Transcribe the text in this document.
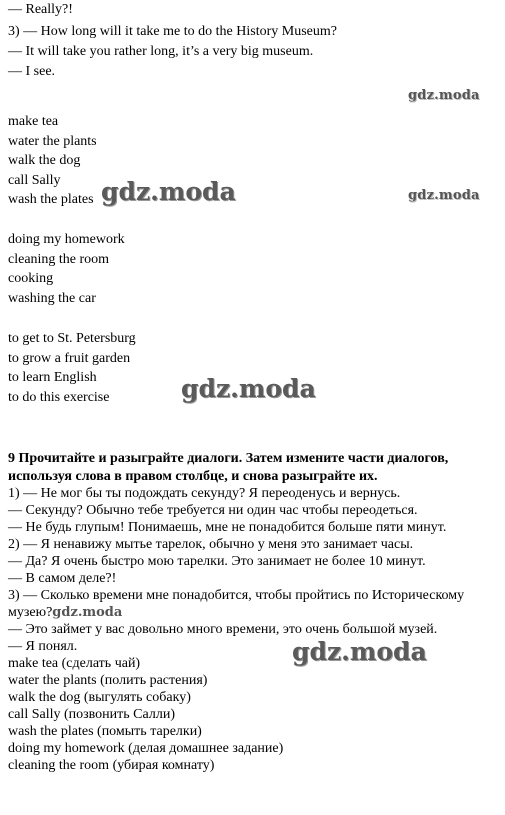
— Really?!
3) — How long will it take me to do the History Museum?
— It will take you rather long, it’s a very big museum.
— I see.
gdz.moda
make tea
water the plants
walk the dog
call Sally
wash the plates gdz.moda	gdz.moda
doing my homework
cleaning the room
cooking
washing the car
to get to St. Petersburg
to grow a fruit garden
to learn English
to do this exercise	gdz.moda
9 Прочитайте и разыграйте диалоги. Затем измените части диалогов,
используя слова в правом столбце, и снова разыграйте их.
1) — Не мог бы ты подождать секунду? Я переоденусь и вернусь.
— Секунду? Обычно тебе требуется ни один час чтобы переодеться.
— Не будь глупым! Понимаешь, мне не понадобится больше пяти минут.
2) — Я ненавижу мытье тарелок, обычно у меня это занимает часы.
— Да? Я очень быстро мою тарелки. Это занимает не более 10 минут.
— В самом деле?!
3) — Сколько времени мне понадобится, чтобы пройтись по Историческому
музею?gdz.moda
— Это займет у вас довольно много времени, это очень большой музей.
— Я понял.	gdz.moda
make tea (сделать чай)
water the plants (полить растения)
walk the dog (выгулять собаку)
call Sally (позвонить Салли)
wash the plates (помыть тарелки)
doing my homework (делая домашнее задание)
cleaning the room (убирая комнату)
